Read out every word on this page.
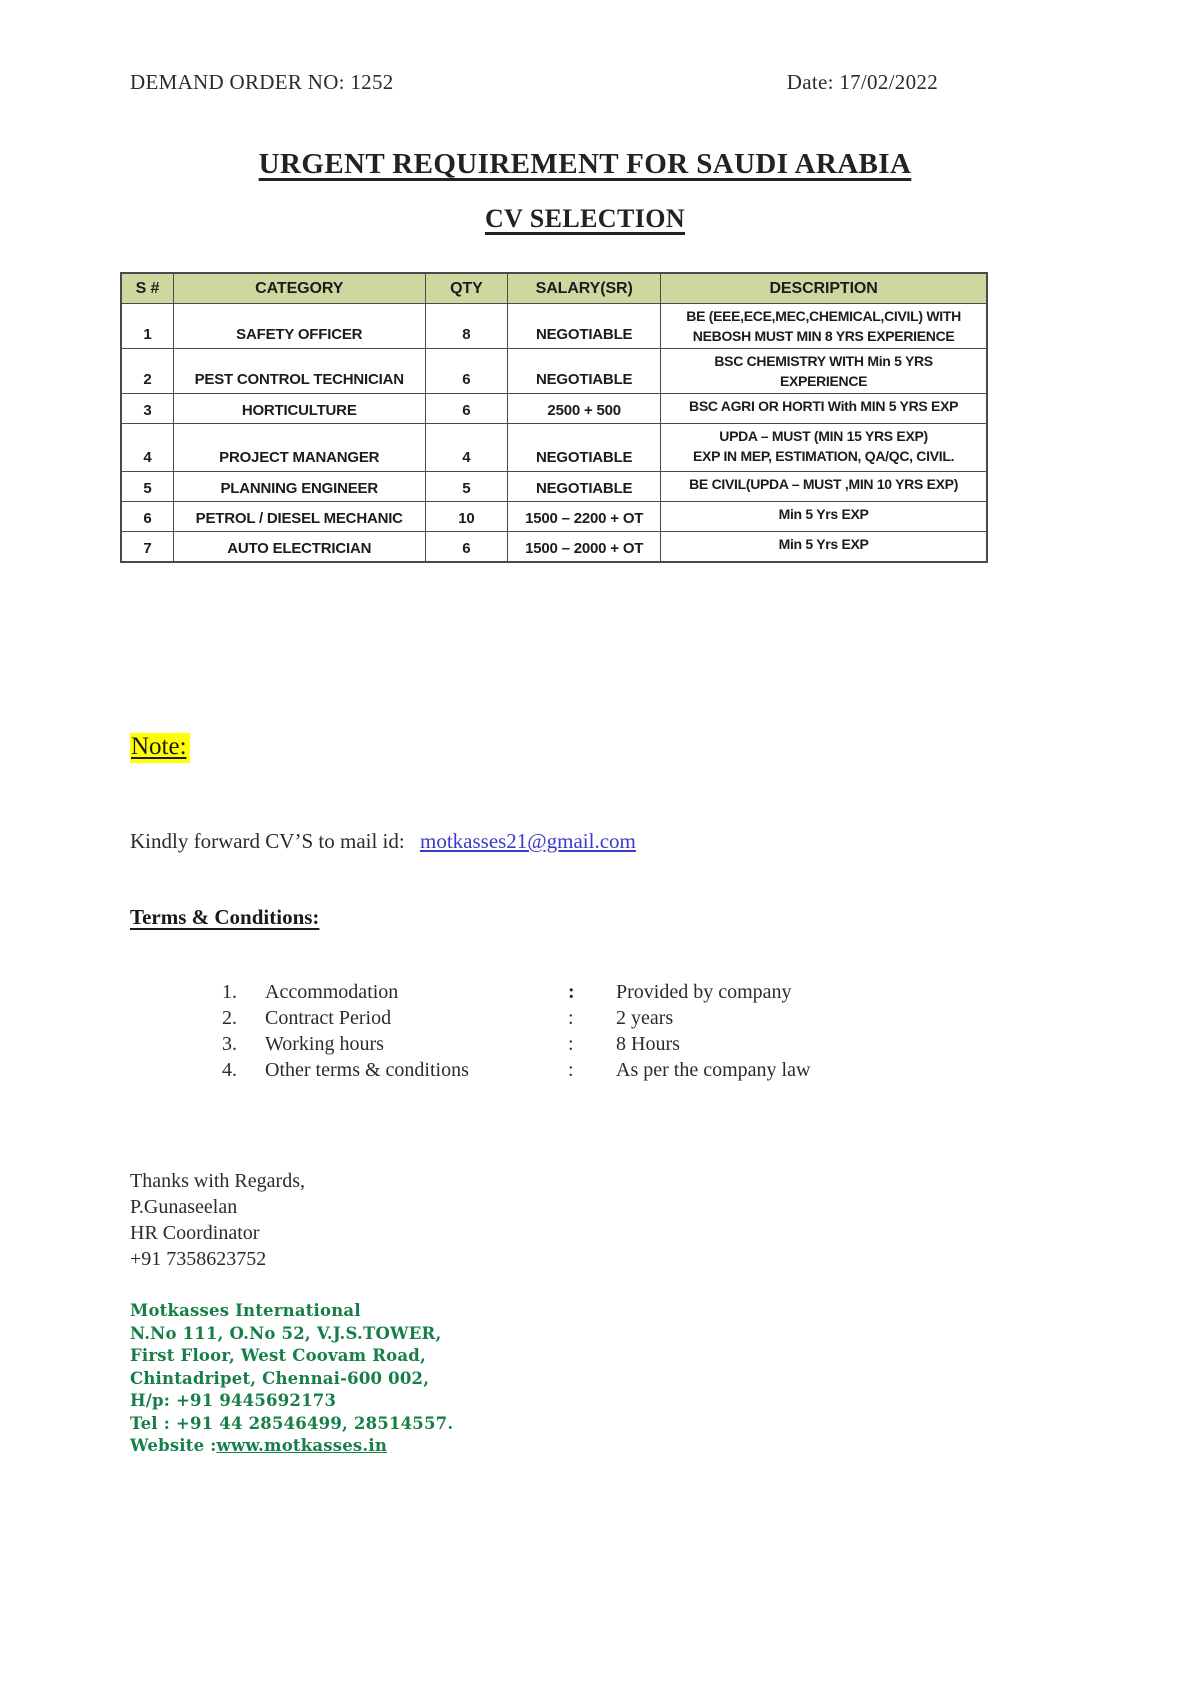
DEMAND ORDER NO: 1252	Date: 17/02/2022
URGENT REQUIREMENT FOR SAUDI ARABIA
CV SELECTION
S #	CATEGORY	QTY	SALARY(SR)	DESCRIPTION
1	SAFETY OFFICER	8	NEGOTIABLE	BE (EEE,ECE,MEC,CHEMICAL,CIVIL) WITH
NEBOSH MUST MIN 8 YRS EXPERIENCE

2	PEST CONTROL TECHNICIAN	6	NEGOTIABLE	BSC CHEMISTRY WITH Min 5 YRS
EXPERIENCE

3	HORTICULTURE	6	2500 + 500	BSC AGRI OR HORTI With MIN 5 YRS EXP

4	PROJECT MANANGER	4	NEGOTIABLE	UPDA – MUST (MIN 15 YRS EXP)
EXP IN MEP, ESTIMATION, QA/QC, CIVIL.

5	PLANNING ENGINEER	5	NEGOTIABLE	BE CIVIL(UPDA – MUST ,MIN 10 YRS EXP)

6	PETROL / DIESEL MECHANIC	10	1500 – 2200 + OT	Min 5 Yrs EXP

7	AUTO ELECTRICIAN	6	1500 – 2000 + OT	Min 5 Yrs EXP
Note:
Kindly forward CV’S to mail id: motkasses21@gmail.com
Terms & Conditions:
1.	Accommodation	:	Provided by company
2.	Contract Period	:	2 years
3.	Working hours	:	8 Hours
4.	Other terms & conditions	:	As per the company law
Thanks with Regards,
P.Gunaseelan
HR Coordinator
+91 7358623752
Motkasses International
N.No 111, O.No 52, V.J.S.TOWER,
First Floor, West Coovam Road,
Chintadripet, Chennai-600 002,
H/p: +91 9445692173
Tel : +91 44 28546499, 28514557.
Website :www.motkasses.in
